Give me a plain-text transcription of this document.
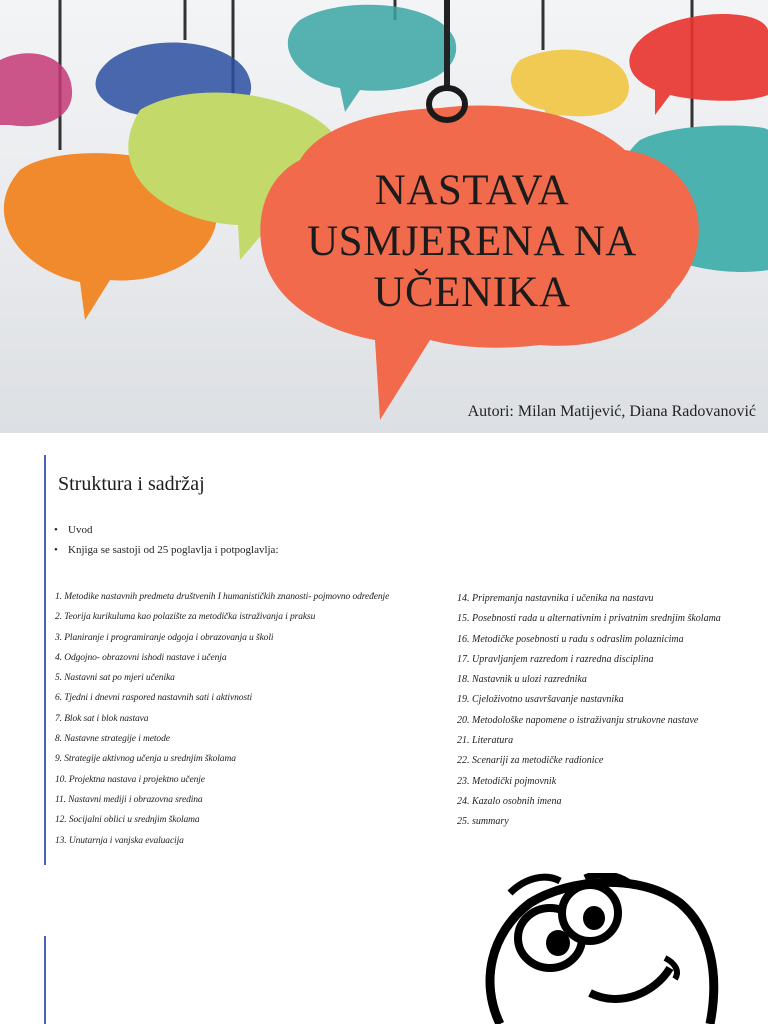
NASTAVA
USMJERENA NA
UČENIKA
Autori: Milan Matijević, Diana Radovanović
Struktura i sadržaj
• Uvod
• Knjiga se sastoji od 25 poglavlja i potpoglavlja:
1. Metodike nastavnih predmeta društvenih I humanističkih znanosti- pojmovno određenje
2. Teorija kurikuluma kao polazište za metodička istraživanja i praksu
3. Planiranje i programiranje odgoja i obrazovanja u školi
4. Odgojno- obrazovni ishodi nastave i učenja
5. Nastavni sat po mjeri učenika
6. Tjedni i dnevni raspored nastavnih sati i aktivnosti
7. Blok sat i blok nastava
8. Nastavne strategije i metode
9. Strategije aktivnog učenja u srednjim školama
10. Projektna nastava i projektno učenje
11. Nastavni mediji i obrazovna sredina
12. Socijalni oblici u srednjim školama
13. Unutarnja i vanjska evaluacija
14. Pripremanja nastavnika i učenika na nastavu
15. Posebnosti rada u alternativnim i privatnim srednjim školama
16. Metodičke posebnosti u radu s odraslim polaznicima
17. Upravljanjem razredom i razredna disciplina
18. Nastavnik u ulozi razrednika
19. Cjeloživotno usavršavanje nastavnika
20. Metodološke napomene o istraživanju strukovne nastave
21. Literatura
22. Scenariji za metodičke radionice
23. Metodički pojmovnik
24. Kazalo osobnih imena
25. summary
